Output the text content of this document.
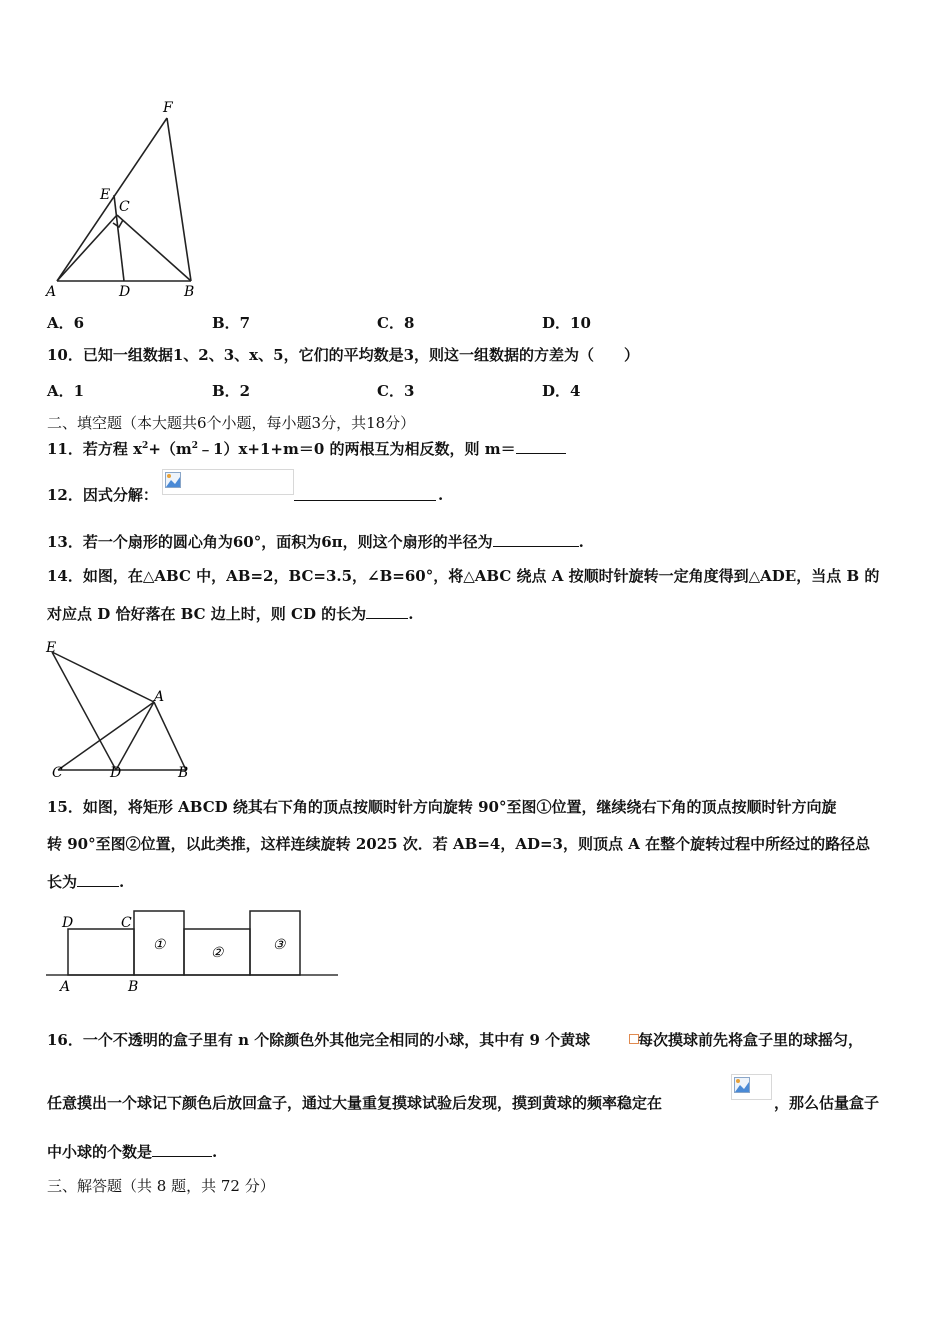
F
E
C
A	D	B
A．6	B．7	C．8	D．10
10．已知一组数据1、2、3、x、5，它们的平均数是3，则这一组数据的方差为（　　）
A．1	B．2	C．3	D．4
二、填空题（本大题共6个小题，每小题3分，共18分）
11．若方程 $x^2+(m^2﹣1)x+1+m=0$ 的两根互为相反数，则 m＝
12．因式分解：	.
13．若一个扇形的圆心角为60°，面积为6π，则这个扇形的半径为	.
14．如图，在△ABC 中，AB=2，BC=3.5，∠B=60°，将△ABC 绕点 A 按顺时针旋转一定角度得到△ADE，当点 B 的
对应点 D 恰好落在 BC 边上时，则 CD 的长为	.
E
A
C	D	B
15．如图，将矩形 ABCD 绕其右下角的顶点按顺时针方向旋转 90°至图①位置，继续绕右下角的顶点按顺时针方向旋
转 90°至图②位置，以此类推，这样连续旋转 2025 次．若 AB=4，AD=3，则顶点 A 在整个旋转过程中所经过的路径总
长为	.
D	C
A	B
①	②	③
16．一个不透明的盒子里有 n 个除颜色外其他完全相同的小球，其中有 9 个黄球	每次摸球前先将盒子里的球摇匀，
任意摸出一个球记下颜色后放回盒子，通过大量重复摸球试验后发现，摸到黄球的频率稳定在	，那么估量盒子
中小球的个数是	.
三、解答题（共 8 题，共 72 分）
